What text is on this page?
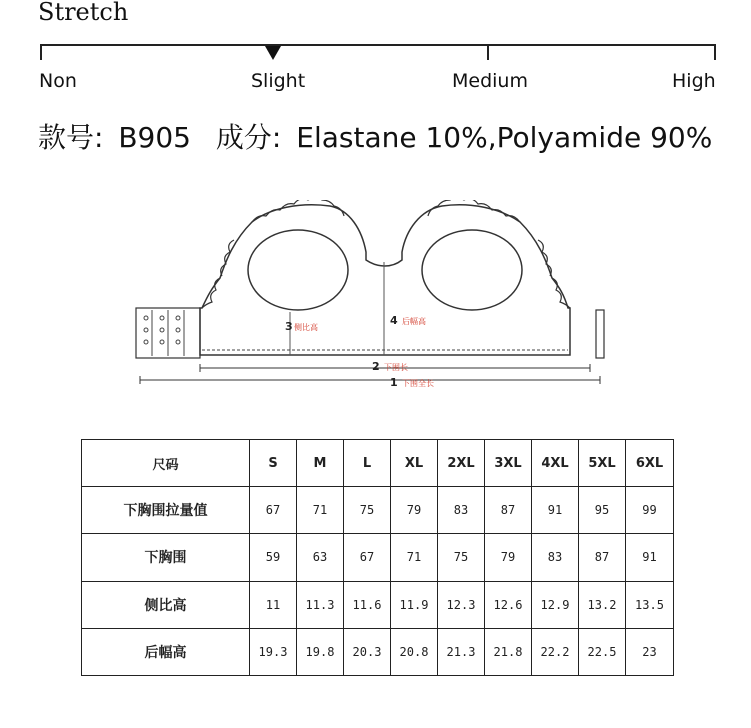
Stretch
Non	Slight	Medium	High
款号: B905 成分: Elastane 10%,Polyamide 90%
3 侧比高
4 后幅高
2 下围长
1 下围全长
尺码	S	M	L	XL	2XL	3XL	4XL	5XL	6XL
下胸围拉量值	67	71	75	79	83	87	91	95	99
下胸围	59	63	67	71	75	79	83	87	91
侧比高	11	11.3	11.6	11.9	12.3	12.6	12.9	13.2	13.5
后幅高	19.3	19.8	20.3	20.8	21.3	21.8	22.2	22.5	23
